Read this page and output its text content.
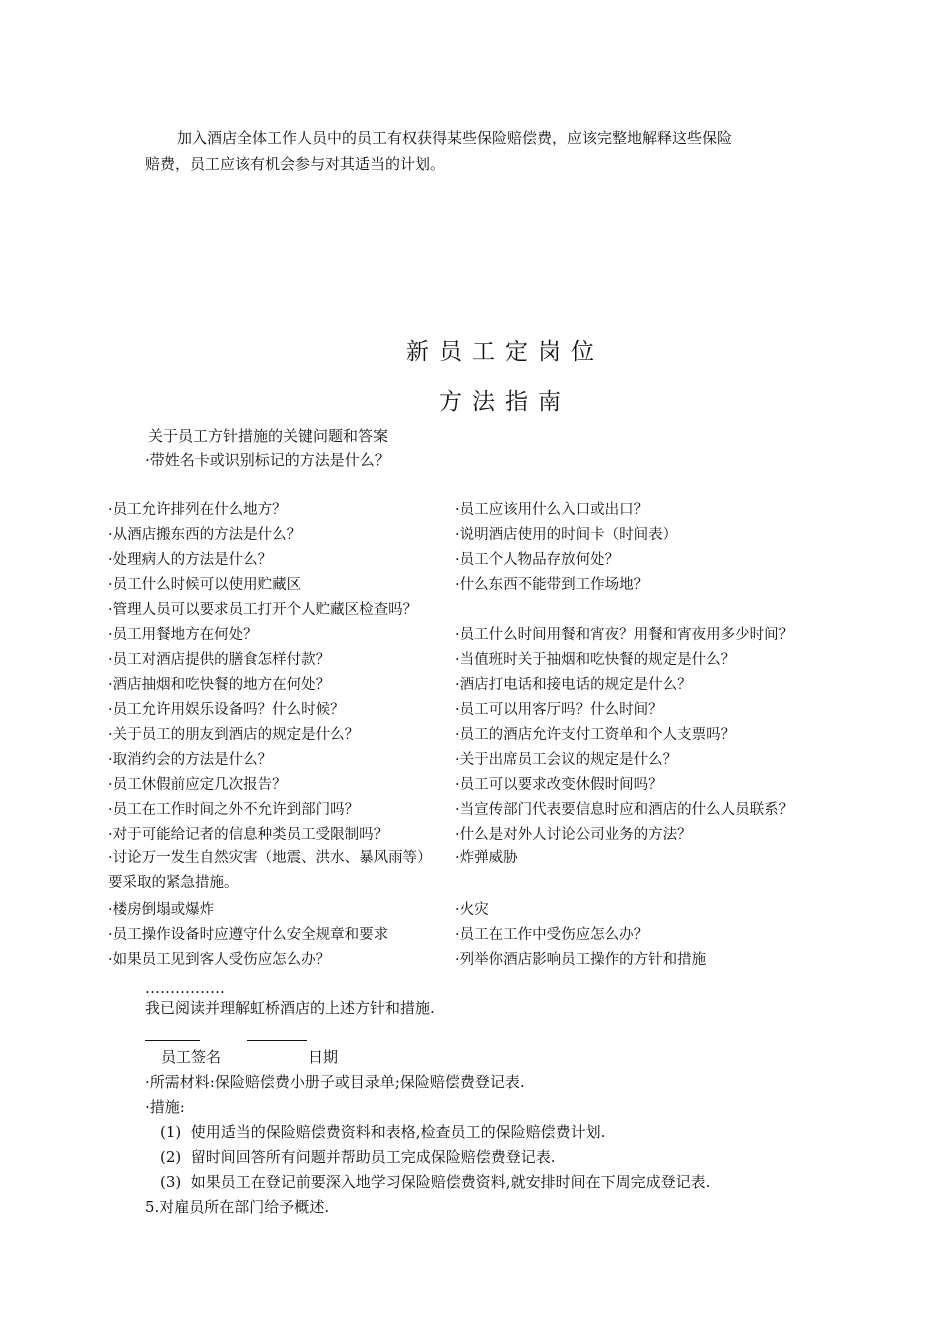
加入酒店全体工作人员中的员工有权获得某些保险赔偿费，应该完整地解释这些保险
赔费，员工应该有机会参与对其适当的计划。
新员工定岗位
方法指南
关于员工方针措施的关键问题和答案
·带姓名卡或识别标记的方法是什么？
·员工允许排列在什么地方？	·员工应该用什么入口或出口？
·从酒店搬东西的方法是什么？	·说明酒店使用的时间卡（时间表）
·处理病人的方法是什么？	·员工个人物品存放何处？
·员工什么时候可以使用贮藏区	·什么东西不能带到工作场地？
·管理人员可以要求员工打开个人贮藏区检查吗？
·员工用餐地方在何处？	·员工什么时间用餐和宵夜？用餐和宵夜用多少时间？
·员工对酒店提供的膳食怎样付款？	·当值班时关于抽烟和吃快餐的规定是什么？
·酒店抽烟和吃快餐的地方在何处？	·酒店打电话和接电话的规定是什么？
·员工允许用娱乐设备吗？什么时候？	·员工可以用客厅吗？什么时间？
·关于员工的朋友到酒店的规定是什么？	·员工的酒店允许支付工资单和个人支票吗？
·取消约会的方法是什么？	·关于出席员工会议的规定是什么？
·员工休假前应定几次报告？	·员工可以要求改变休假时间吗？
·员工在工作时间之外不允许到部门吗？	·当宣传部门代表要信息时应和酒店的什么人员联系？
·对于可能给记者的信息种类员工受限制吗？	·什么是对外人讨论公司业务的方法？
·讨论万一发生自然灾害（地震、洪水、暴风雨等）要采取的紧急措施。
·炸弹威胁
·楼房倒塌或爆炸	·火灾
·员工操作设备时应遵守什么安全规章和要求	·员工在工作中受伤应怎么办？
·如果员工见到客人受伤应怎么办？	·列举你酒店影响员工操作的方针和措施
…………….
我已阅读并理解虹桥酒店的上述方针和措施.
员工签名	日期
·所需材料:保险赔偿费小册子或目录单;保险赔偿费登记表.
·措施:
(1) 使用适当的保险赔偿费资料和表格,检查员工的保险赔偿费计划.
(2) 留时间回答所有问题并帮助员工完成保险赔偿费登记表.
(3) 如果员工在登记前要深入地学习保险赔偿费资料,就安排时间在下周完成登记表.
5.对雇员所在部门给予概述.
